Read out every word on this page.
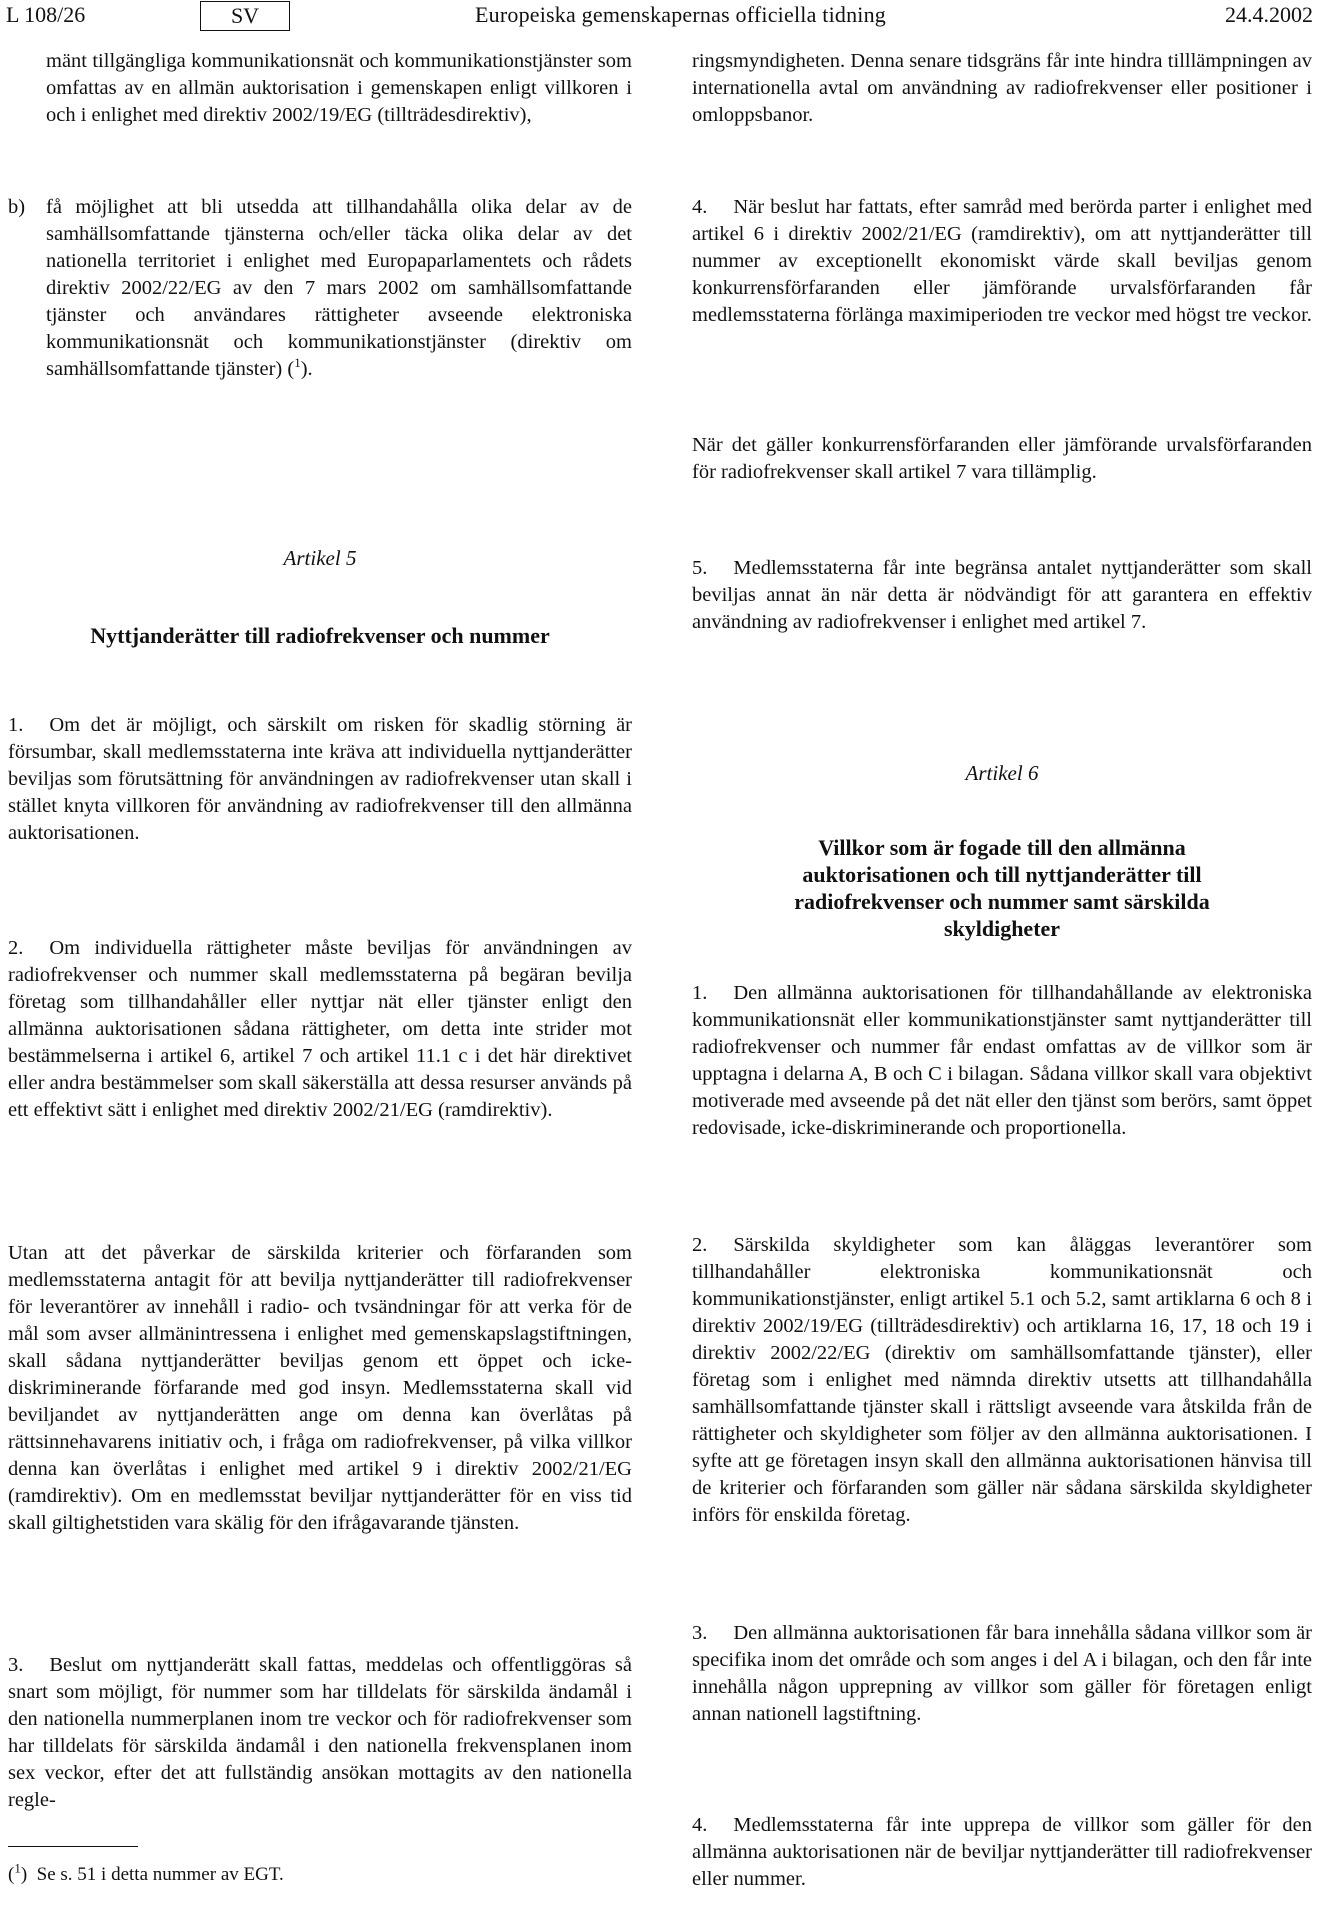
L 108/26	SV	Europeiska gemenskapernas officiella tidning	24.4.2002
mänt tillgängliga kommunikationsnät och kommunikationstjänster som omfattas av en allmän auktorisation i gemenskapen enligt villkoren i och i enlighet med direktiv 2002/19/EG (tillträdesdirektiv),
b)	få möjlighet att bli utsedda att tillhandahålla olika delar av de samhällsomfattande tjänsterna och/eller täcka olika delar av det nationella territoriet i enlighet med Europaparlamentets och rådets direktiv 2002/22/EG av den 7 mars 2002 om samhällsomfattande tjänster och användares rättigheter avseende elektroniska kommunikationsnät och kommunikationstjänster (direktiv om samhällsomfattande tjänster) ($^1$).
Artikel 5
Nyttjanderätter till radiofrekvenser och nummer
1. Om det är möjligt, och särskilt om risken för skadlig störning är försumbar, skall medlemsstaterna inte kräva att individuella nyttjanderätter beviljas som förutsättning för användningen av radiofrekvenser utan skall i stället knyta villkoren för användning av radiofrekvenser till den allmänna auktorisationen.
2. Om individuella rättigheter måste beviljas för användningen av radiofrekvenser och nummer skall medlemsstaterna på begäran bevilja företag som tillhandahåller eller nyttjar nät eller tjänster enligt den allmänna auktorisationen sådana rättigheter, om detta inte strider mot bestämmelserna i artikel 6, artikel 7 och artikel 11.1 c i det här direktivet eller andra bestämmelser som skall säkerställa att dessa resurser används på ett effektivt sätt i enlighet med direktiv 2002/21/EG (ramdirektiv).
Utan att det påverkar de särskilda kriterier och förfaranden som medlemsstaterna antagit för att bevilja nyttjanderätter till radiofrekvenser för leverantörer av innehåll i radio- och tvsändningar för att verka för de mål som avser allmänintressena i enlighet med gemenskapslagstiftningen, skall sådana nyttjanderätter beviljas genom ett öppet och icke-diskriminerande förfarande med god insyn. Medlemsstaterna skall vid beviljandet av nyttjanderätten ange om denna kan överlåtas på rättsinnehavarens initiativ och, i fråga om radiofrekvenser, på vilka villkor denna kan överlåtas i enlighet med artikel 9 i direktiv 2002/21/EG (ramdirektiv). Om en medlemsstat beviljar nyttjanderätter för en viss tid skall giltighetstiden vara skälig för den ifrågavarande tjänsten.
3. Beslut om nyttjanderätt skall fattas, meddelas och offentliggöras så snart som möjligt, för nummer som har tilldelats för särskilda ändamål i den nationella nummerplanen inom tre veckor och för radiofrekvenser som har tilldelats för särskilda ändamål i den nationella frekvensplanen inom sex veckor, efter det att fullständig ansökan mottagits av den nationella regle-
($^1$)  Se s. 51 i detta nummer av EGT.
ringsmyndigheten. Denna senare tidsgräns får inte hindra tilllämpningen av internationella avtal om användning av radiofrekvenser eller positioner i omloppsbanor.
4. När beslut har fattats, efter samråd med berörda parter i enlighet med artikel 6 i direktiv 2002/21/EG (ramdirektiv), om att nyttjanderätter till nummer av exceptionellt ekonomiskt värde skall beviljas genom konkurrensförfaranden eller jämförande urvalsförfaranden får medlemsstaterna förlänga maximiperioden tre veckor med högst tre veckor.
När det gäller konkurrensförfaranden eller jämförande urvalsförfaranden för radiofrekvenser skall artikel 7 vara tillämplig.
5. Medlemsstaterna får inte begränsa antalet nyttjanderätter som skall beviljas annat än när detta är nödvändigt för att garantera en effektiv användning av radiofrekvenser i enlighet med artikel 7.
Artikel 6
Villkor som är fogade till den allmänna auktorisationen och till nyttjanderätter till radiofrekvenser och nummer samt särskilda skyldigheter
1. Den allmänna auktorisationen för tillhandahållande av elektroniska kommunikationsnät eller kommunikationstjänster samt nyttjanderätter till radiofrekvenser och nummer får endast omfattas av de villkor som är upptagna i delarna A, B och C i bilagan. Sådana villkor skall vara objektivt motiverade med avseende på det nät eller den tjänst som berörs, samt öppet redovisade, icke-diskriminerande och proportionella.
2. Särskilda skyldigheter som kan åläggas leverantörer som tillhandahåller elektroniska kommunikationsnät och kommunikationstjänster, enligt artikel 5.1 och 5.2, samt artiklarna 6 och 8 i direktiv 2002/19/EG (tillträdesdirektiv) och artiklarna 16, 17, 18 och 19 i direktiv 2002/22/EG (direktiv om samhällsomfattande tjänster), eller företag som i enlighet med nämnda direktiv utsetts att tillhandahålla samhällsomfattande tjänster skall i rättsligt avseende vara åtskilda från de rättigheter och skyldigheter som följer av den allmänna auktorisationen. I syfte att ge företagen insyn skall den allmänna auktorisationen hänvisa till de kriterier och förfaranden som gäller när sådana särskilda skyldigheter införs för enskilda företag.
3. Den allmänna auktorisationen får bara innehålla sådana villkor som är specifika inom det område och som anges i del A i bilagan, och den får inte innehålla någon upprepning av villkor som gäller för företagen enligt annan nationell lagstiftning.
4. Medlemsstaterna får inte upprepa de villkor som gäller för den allmänna auktorisationen när de beviljar nyttjanderätter till radiofrekvenser eller nummer.
